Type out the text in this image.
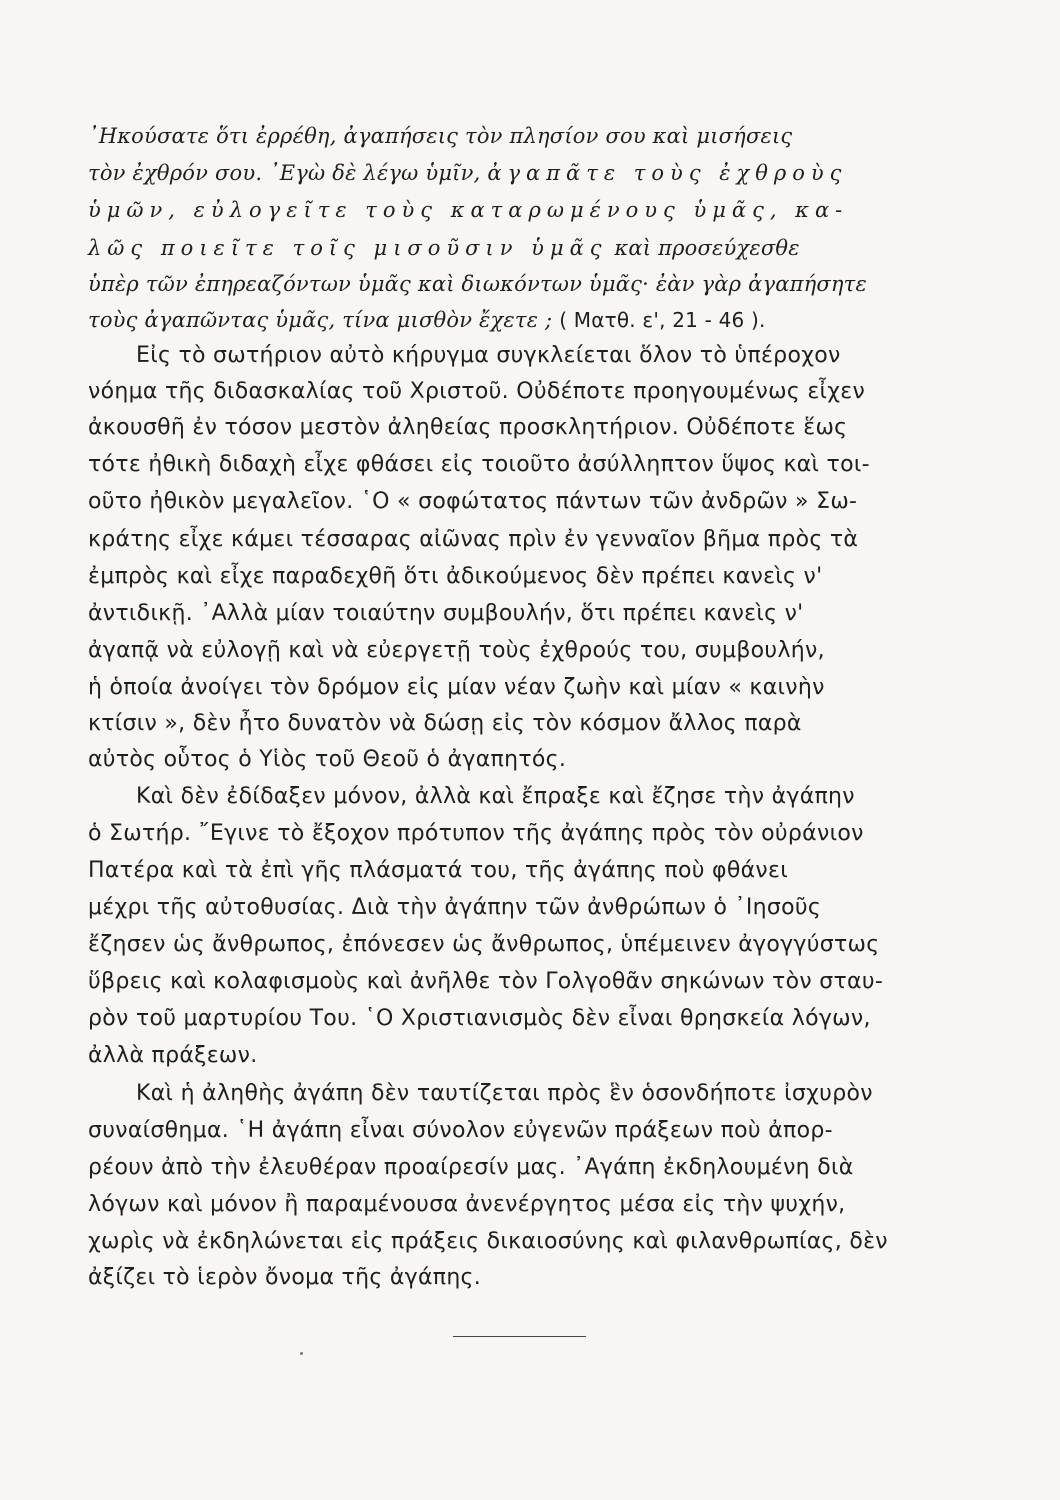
᾿Ηκούσατε ὅτι ἐρρέθη, ἀγαπήσεις τὸν πλησίον σου καὶ μισήσεις
τὸν ἐχθρόν σου. ᾿Εγὼ δὲ λέγω ὑμῖν, ἀγαπᾶτε τοὺς ἐχθροὺς
ὑμῶν, εὐλογεῖτε τοὺς καταρωμένους ὑμᾶς, κα-
λῶς ποιεῖτε τοῖς μισοῦσιν ὑμᾶς καὶ προσεύχεσθε
ὑπὲρ τῶν ἐπηρεαζόντων ὑμᾶς καὶ διωκόντων ὑμᾶς· ἐὰν γὰρ ἀγαπήσητε
τοὺς ἀγαπῶντας ὑμᾶς, τίνα μισθὸν ἔχετε ; ( Ματθ. ε', 21 - 46 ).
Εἰς τὸ σωτήριον αὐτὸ κήρυγμα συγκλείεται ὅλον τὸ ὑπέροχον
νόημα τῆς διδασκαλίας τοῦ Χριστοῦ. Οὐδέποτε προηγουμένως εἶχεν
ἀκουσθῆ ἐν τόσον μεστὸν ἀληθείας προσκλητήριον. Οὐδέποτε ἕως
τότε ἠθικὴ διδαχὴ εἶχε φθάσει εἰς τοιοῦτο ἀσύλληπτον ὕψος καὶ τοι-
οῦτο ἠθικὸν μεγαλεῖον. ῾Ο « σοφώτατος πάντων τῶν ἀνδρῶν » Σω-
κράτης εἶχε κάμει τέσσαρας αἰῶνας πρὶν ἐν γενναῖον βῆμα πρὸς τὰ
ἐμπρὸς καὶ εἶχε παραδεχθῆ ὅτι ἀδικούμενος δὲν πρέπει κανεὶς ν'
ἀντιδικῇ. ᾿Αλλὰ μίαν τοιαύτην συμβουλήν, ὅτι πρέπει κανεὶς ν'
ἀγαπᾷ νὰ εὐλογῇ καὶ νὰ εὐεργετῇ τοὺς ἐχθρούς του, συμβουλήν,
ἡ ὁποία ἀνοίγει τὸν δρόμον εἰς μίαν νέαν ζωὴν καὶ μίαν « καινὴν
κτίσιν », δὲν ἦτο δυνατὸν νὰ δώσῃ εἰς τὸν κόσμον ἄλλος παρὰ
αὐτὸς οὗτος ὁ Υἱὸς τοῦ Θεοῦ ὁ ἀγαπητός.
Καὶ δὲν ἐδίδαξεν μόνον, ἀλλὰ καὶ ἔπραξε καὶ ἔζησε τὴν ἀγάπην
ὁ Σωτήρ. ῎Εγινε τὸ ἔξοχον πρότυπον τῆς ἀγάπης πρὸς τὸν οὐράνιον
Πατέρα καὶ τὰ ἐπὶ γῆς πλάσματά του, τῆς ἀγάπης ποὺ φθάνει
μέχρι τῆς αὐτοθυσίας. Διὰ τὴν ἀγάπην τῶν ἀνθρώπων ὁ ᾿Ιησοῦς
ἔζησεν ὡς ἄνθρωπος, ἐπόνεσεν ὡς ἄνθρωπος, ὑπέμεινεν ἀγογγύστως
ὕβρεις καὶ κολαφισμοὺς καὶ ἀνῆλθε τὸν Γολγοθᾶν σηκώνων τὸν σταυ-
ρὸν τοῦ μαρτυρίου Του. ῾Ο Χριστιανισμὸς δὲν εἶναι θρησκεία λόγων,
ἀλλὰ πράξεων.
Καὶ ἡ ἀληθὴς ἀγάπη δὲν ταυτίζεται πρὸς ἓν ὁσονδήποτε ἰσχυρὸν
συναίσθημα. ῾Η ἀγάπη εἶναι σύνολον εὐγενῶν πράξεων ποὺ ἀπορ-
ρέουν ἀπὸ τὴν ἐλευθέραν προαίρεσίν μας. ᾿Αγάπη ἐκδηλουμένη διὰ
λόγων καὶ μόνον ἢ παραμένουσα ἀνενέργητος μέσα εἰς τὴν ψυχήν,
χωρὶς νὰ ἐκδηλώνεται εἰς πράξεις δικαιοσύνης καὶ φιλανθρωπίας, δὲν
ἀξίζει τὸ ἱερὸν ὄνομα τῆς ἀγάπης.
